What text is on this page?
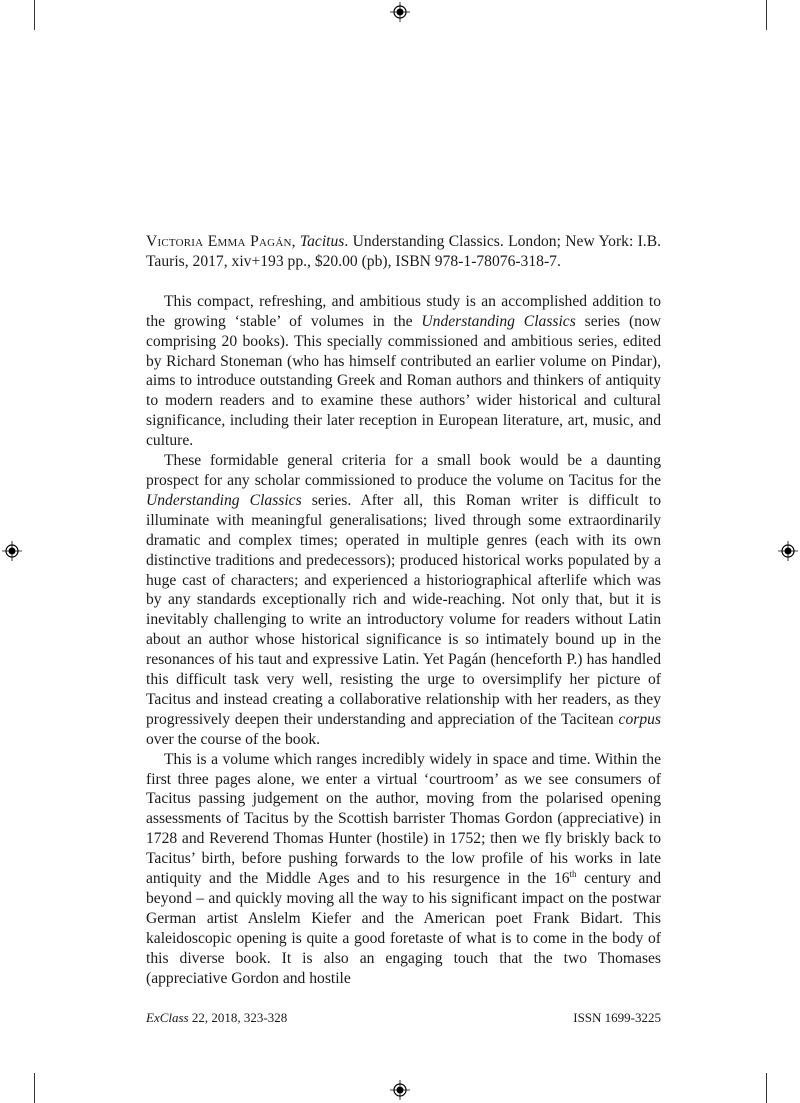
Victoria Emma Pagán, Tacitus. Understanding Classics. London; New York: I.B. Tauris, 2017, xiv+193 pp., $20.00 (pb), ISBN 978-1-78076-318-7.

This compact, refreshing, and ambitious study is an accomplished addition to the growing ‘stable’ of volumes in the Understanding Classics series (now comprising 20 books). This specially commissioned and ambitious series, edited by Richard Stoneman (who has himself contributed an earlier volume on Pindar), aims to introduce outstanding Greek and Roman authors and thinkers of antiquity to modern readers and to examine these authors’ wider historical and cultural significance, including their later reception in European literature, art, music, and culture.

These formidable general criteria for a small book would be a daunting prospect for any scholar commissioned to produce the volume on Tacitus for the Understanding Classics series. After all, this Roman writer is difficult to illuminate with meaningful generalisations; lived through some extraordinarily dramatic and complex times; operated in multiple genres (each with its own distinctive traditions and predecessors); produced historical works populated by a huge cast of characters; and experienced a historiographical afterlife which was by any standards exceptionally rich and wide-reaching. Not only that, but it is inevitably challenging to write an introductory volume for readers without Latin about an author whose historical significance is so intimately bound up in the resonances of his taut and expressive Latin. Yet Pagán (henceforth P.) has handled this difficult task very well, resisting the urge to oversimplify her picture of Tacitus and instead creating a collaborative relationship with her readers, as they progressively deepen their understanding and appreciation of the Tacitean corpus over the course of the book.

This is a volume which ranges incredibly widely in space and time. Within the first three pages alone, we enter a virtual ‘courtroom’ as we see consumers of Tacitus passing judgement on the author, moving from the polarised opening assessments of Tacitus by the Scottish barrister Thomas Gordon (appreciative) in 1728 and Reverend Thomas Hunter (hostile) in 1752; then we fly briskly back to Tacitus’ birth, before pushing forwards to the low profile of his works in late antiquity and the Middle Ages and to his resurgence in the 16th century and beyond – and quickly moving all the way to his significant impact on the postwar German artist Anslelm Kiefer and the American poet Frank Bidart. This kaleidoscopic opening is quite a good foretaste of what is to come in the body of this diverse book. It is also an engaging touch that the two Thomases (appreciative Gordon and hostile

ExClass 22, 2018, 323-328	ISSN 1699-3225
